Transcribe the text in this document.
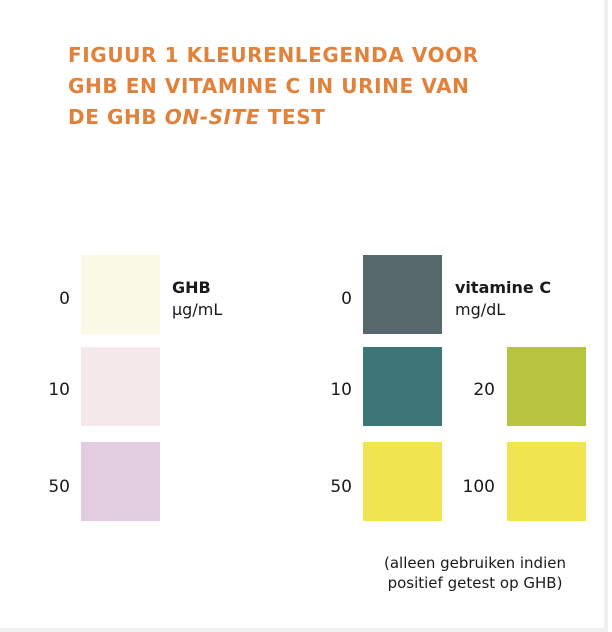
FIGUUR 1 KLEURENLEGENDA VOOR
GHB EN VITAMINE C IN URINE VAN
DE GHB ON-SITE TEST
0
GHB
µg/mL
10
50
0
vitamine C
mg/dL
10	20
50	100
(alleen gebruiken indien
positief getest op GHB)
